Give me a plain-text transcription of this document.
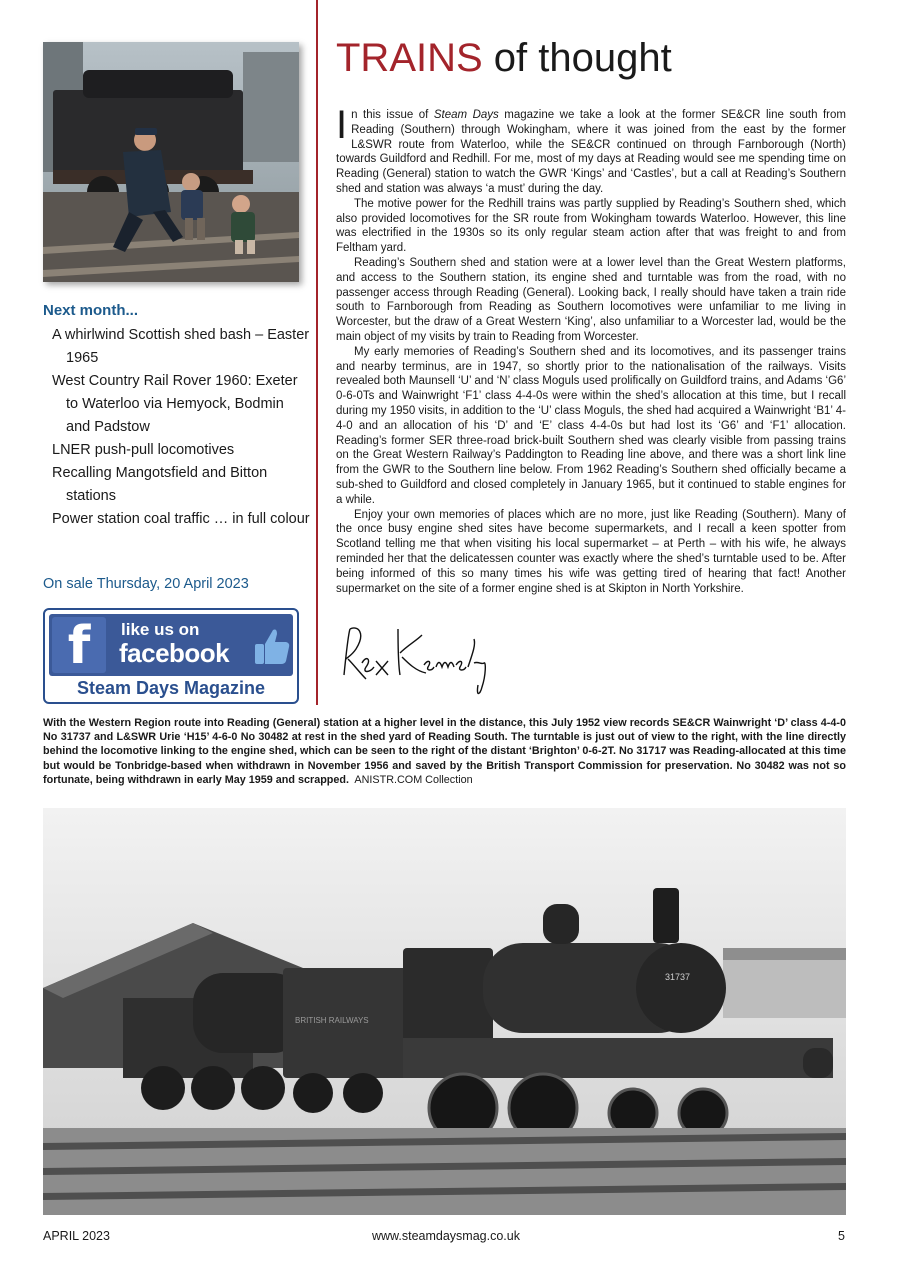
Next month...
A whirlwind Scottish shed bash – Easter 1965
West Country Rail Rover 1960: Exeter to Waterloo via Hemyock, Bodmin and Padstow
LNER push-pull locomotives
Recalling Mangotsfield and Bitton stations
Power station coal traffic … in full colour
On sale Thursday, 20 April 2023
f	like us on
facebook
Steam Days Magazine
TRAINS of thought

In this issue of Steam Days magazine we take a look at the former SE&CR line south from Reading (Southern) through Wokingham, where it was joined from the east by the former L&SWR route from Waterloo, while the SE&CR continued on through Farnborough (North) towards Guildford and Redhill. For me, most of my days at Reading would see me spending time on Reading (General) station to watch the GWR ‘Kings’ and ‘Castles’, but a call at Reading’s Southern shed and station was always ‘a must’ during the day.

The motive power for the Redhill trains was partly supplied by Reading’s Southern shed, which also provided locomotives for the SR route from Wokingham towards Waterloo. However, this line was electrified in the 1930s so its only regular steam action after that was freight to and from Feltham yard.

Reading’s Southern shed and station were at a lower level than the Great Western platforms, and access to the Southern station, its engine shed and turntable was from the road, with no passenger access through Reading (General). Looking back, I really should have taken a train ride south to Farnborough from Reading as Southern locomotives were unfamiliar to me living in Worcester, but the draw of a Great Western ‘King’, also unfamiliar to a Worcester lad, would be the main object of my visits by train to Reading from Worcester.

My early memories of Reading’s Southern shed and its locomotives, and its passenger trains and nearby terminus, are in 1947, so shortly prior to the nationalisation of the railways. Visits revealed both Maunsell ‘U’ and ‘N’ class Moguls used prolifically on Guildford trains, and Adams ‘G6’ 0-6-0Ts and Wainwright ‘F1’ class 4-4-0s were within the shed’s allocation at this time, but I recall during my 1950 visits, in addition to the ‘U’ class Moguls, the shed had acquired a Wainwright ‘B1’ 4-4-0 and an allocation of his ‘D’ and ‘E’ class 4-4-0s but had lost its ‘G6’ and ‘F1’ allocation. Reading’s former SER three-road brick-built Southern shed was clearly visible from passing trains on the Great Western Railway’s Paddington to Reading line above, and there was a short link line from the GWR to the Southern line below. From 1962 Reading’s Southern shed officially became a sub-shed to Guildford and closed completely in January 1965, but it continued to stable engines for a while.

Enjoy your own memories of places which are no more, just like Reading (Southern). Many of the once busy engine shed sites have become supermarkets, and I recall a keen spotter from Scotland telling me that when visiting his local supermarket – at Perth – with his wife, he always reminded her that the delicatessen counter was exactly where the shed’s turntable used to be. After being informed of this so many times his wife was getting tired of hearing that fact! Another supermarket on the site of a former engine shed is at Skipton in North Yorkshire.

With the Western Region route into Reading (General) station at a higher level in the distance, this July 1952 view records SE&CR Wainwright ‘D’ class 4-4-0 No 31737 and L&SWR Urie ‘H15’ 4-6-0 No 30482 at rest in the shed yard of Reading South. The turntable is just out of view to the right, with the line directly behind the locomotive linking to the engine shed, which can be seen to the right of the distant ‘Brighton’ 0-6-2T. No 31717 was Reading-allocated at this time but would be Tonbridge-based when withdrawn in November 1956 and saved by the British Transport Commission for preservation. No 30482 was not so fortunate, being withdrawn in early May 1959 and scrapped. ANISTR.COM Collection
BRITISH RAILWAYS
31737
APRIL 2023	www.steamdaysmag.co.uk	5
